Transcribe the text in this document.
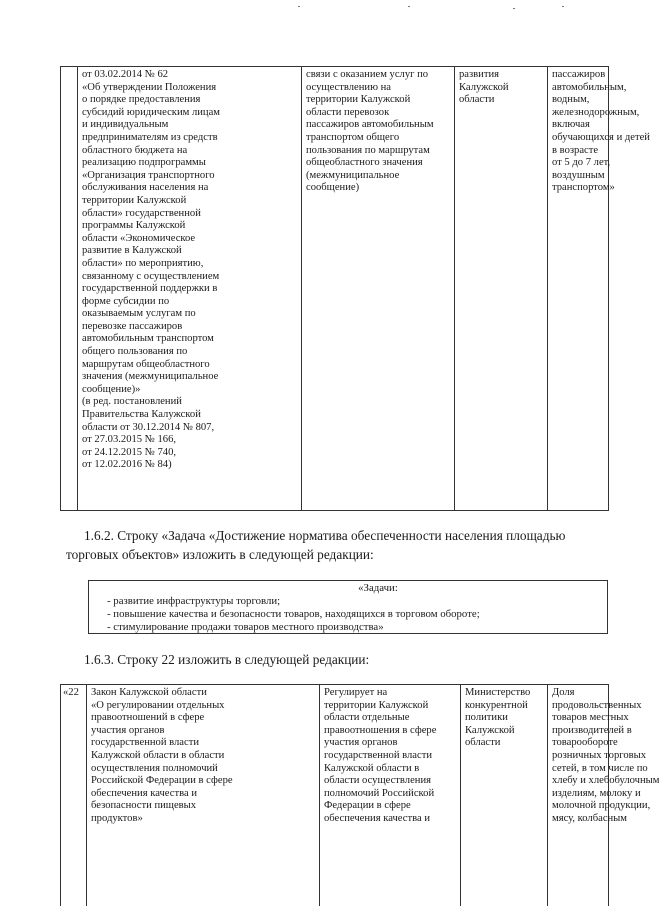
от 03.02.2014 № 62
«Об утверждении Положения
о порядке предоставления
субсидий юридическим лицам
и индивидуальным
предпринимателям из средств
областного бюджета на
реализацию подпрограммы
«Организация транспортного
обслуживания населения на
территории Калужской
области» государственной
программы Калужской
области «Экономическое
развитие в Калужской
области» по мероприятию,
связанному с осуществлением
государственной поддержки в
форме субсидии по
оказываемым услугам по
перевозке пассажиров
автомобильным транспортом
общего пользования по
маршрутам общеобластного
значения (межмуниципальное
сообщение)»
(в ред. постановлений
Правительства Калужской
области от 30.12.2014 № 807,
от 27.03.2015 № 166,
от 24.12.2015 № 740,
от 12.02.2016 № 84)
связи с оказанием услуг по
осуществлению на
территории Калужской
области перевозок
пассажиров автомобильным
транспортом общего
пользования по маршрутам
общеобластного значения
(межмуниципальное
сообщение)
развития
Калужской
области
пассажиров
автомобильным,
водным,
железнодорожным,
включая
обучающихся и детей
в возрасте
от 5 до 7 лет,
воздушным
транспортом»
1.6.2. Строку «Задача «Достижение норматива обеспеченности населения площадью
торговых объектов» изложить в следующей редакции:
«Задачи:
- развитие инфраструктуры торговли;
- повышение качества и безопасности товаров, находящихся в торговом обороте;
- стимулирование продажи товаров местного производства»
1.6.3. Строку 22 изложить в следующей редакции:
«22	Закон Калужской области
«О регулировании отдельных
правоотношений в сфере
участия органов
государственной власти
Калужской области в области
осуществления полномочий
Российской Федерации в сфере
обеспечения качества и
безопасности пищевых
продуктов»
Регулирует на
территории Калужской
области отдельные
правоотношения в сфере
участия органов
государственной власти
Калужской области в
области осуществления
полномочий Российской
Федерации в сфере
обеспечения качества и
Министерство
конкурентной
политики
Калужской
области
Доля
продовольственных
товаров местных
производителей в
товарообороте
розничных торговых
сетей, в том числе по
хлебу и хлебобулочным
изделиям, молоку и
молочной продукции,
мясу, колбасным
